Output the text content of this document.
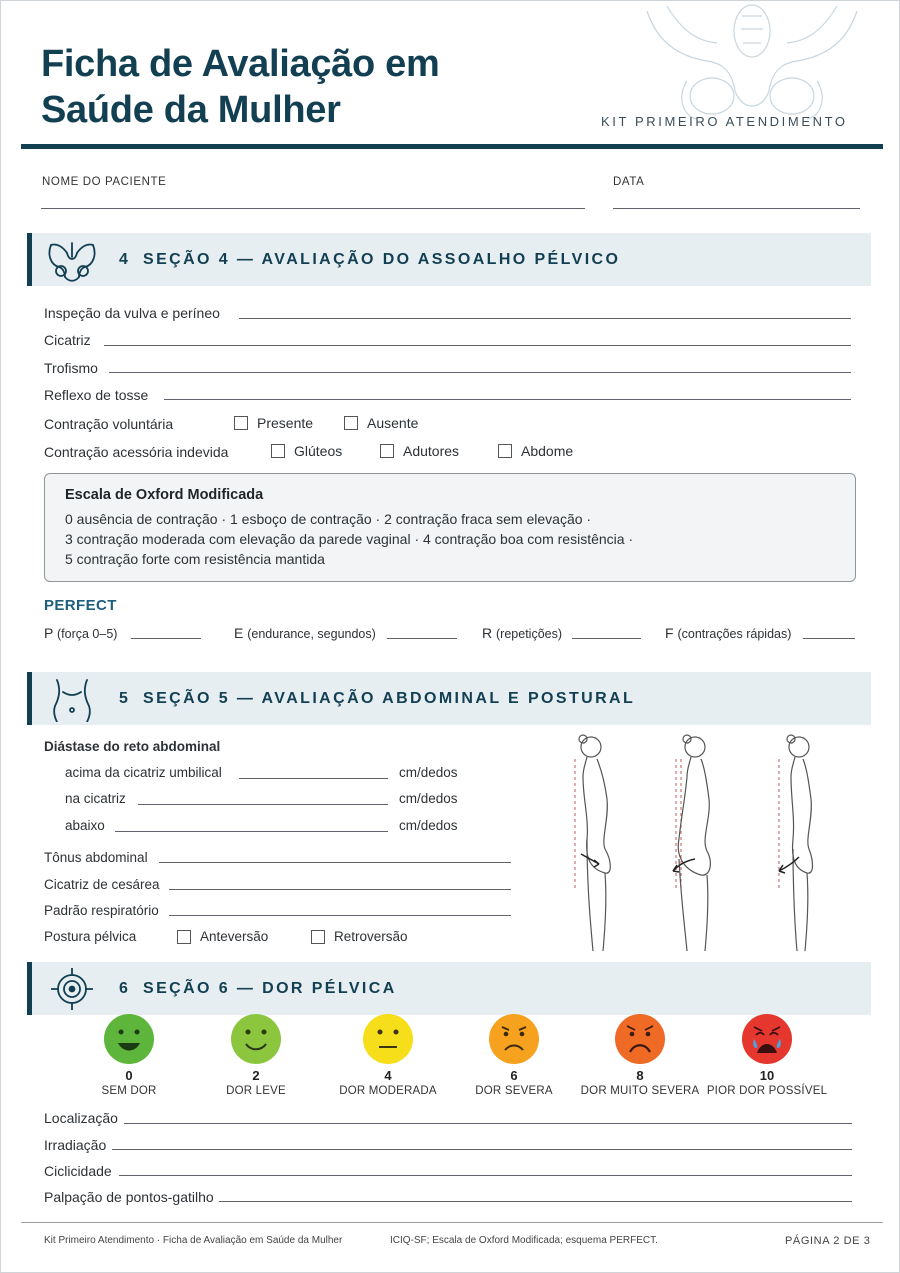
Ficha de Avaliação em
Saúde da Mulher	KIT PRIMEIRO ATENDIMENTO
NOME DO PACIENTE	DATA
4 SEÇÃO 4 — AVALIAÇÃO DO ASSOALHO PÉLVICO
Inspeção da vulva e períneo
Cicatriz
Trofismo
Reflexo de tosse
Contração voluntária	Presente	Ausente
Contração acessória indevida	Glúteos	Adutores	Abdome
Escala de Oxford Modificada
0 ausência de contração · 1 esboço de contração · 2 contração fraca sem elevação ·
3 contração moderada com elevação da parede vaginal · 4 contração boa com resistência ·
5 contração forte com resistência mantida
PERFECT
P (força 0–5)	E (endurance, segundos)	R (repetições)	F (contrações rápidas)
5 SEÇÃO 5 — AVALIAÇÃO ABDOMINAL E POSTURAL
Diástase do reto abdominal
acima da cicatriz umbilical	cm/dedos
na cicatriz	cm/dedos
abaixo	cm/dedos
Tônus abdominal
Cicatriz de cesárea
Padrão respiratório
Postura pélvica	Anteversão	Retroversão
6 SEÇÃO 6 — DOR PÉLVICA
0
SEM DOR
2
DOR LEVE
4
DOR MODERADA
6
DOR SEVERA
8
DOR MUITO SEVERA
10
PIOR DOR POSSÍVEL
Localização
Irradiação
Ciclicidade
Palpação de pontos-gatilho
Kit Primeiro Atendimento · Ficha de Avaliação em Saúde da Mulher	ICIQ-SF; Escala de Oxford Modificada; esquema PERFECT.	PÁGINA 2 DE 3
